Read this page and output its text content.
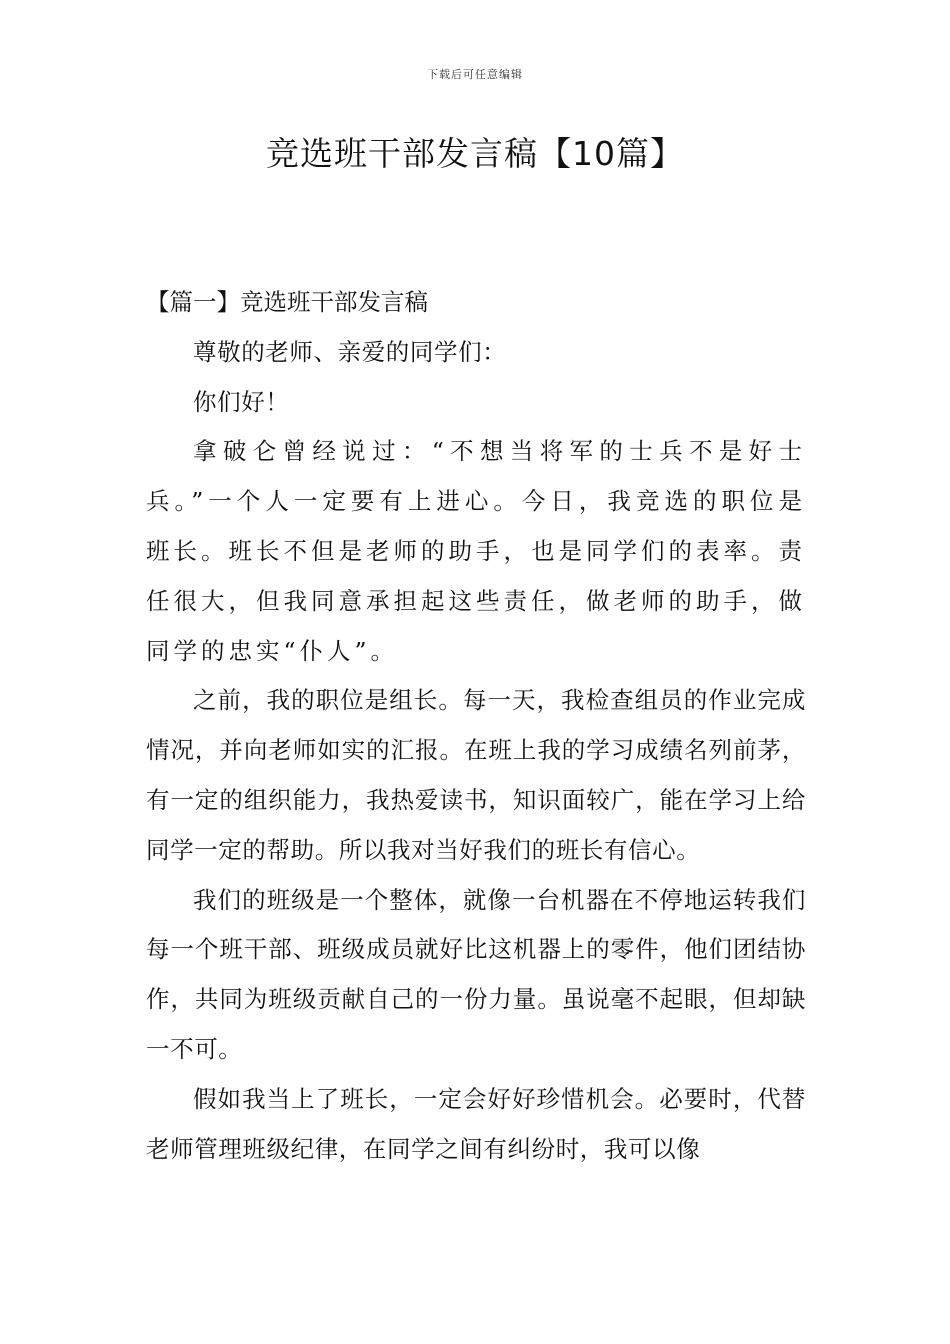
下载后可任意编辑
竞选班干部发言稿【10篇】

【篇一】竞选班干部发言稿

尊敬的老师、亲爱的同学们：

你们好！

拿破仑曾经说过：“不想当将军的士兵不是好士兵。”一个人一定要有上进心。今日，我竞选的职位是班长。班长不但是老师的助手，也是同学们的表率。责任很大，但我同意承担起这些责任，做老师的助手，做同学的忠实“仆人”。

之前，我的职位是组长。每一天，我检查组员的作业完成情况，并向老师如实的汇报。在班上我的学习成绩名列前茅，有一定的组织能力，我热爱读书，知识面较广，能在学习上给同学一定的帮助。所以我对当好我们的班长有信心。

我们的班级是一个整体，就像一台机器在不停地运转我们每一个班干部、班级成员就好比这机器上的零件，他们团结协作，共同为班级贡献自己的一份力量。虽说毫不起眼，但却缺一不可。

假如我当上了班长，一定会好好珍惜机会。必要时，代替老师管理班级纪律，在同学之间有纠纷时，我可以像
